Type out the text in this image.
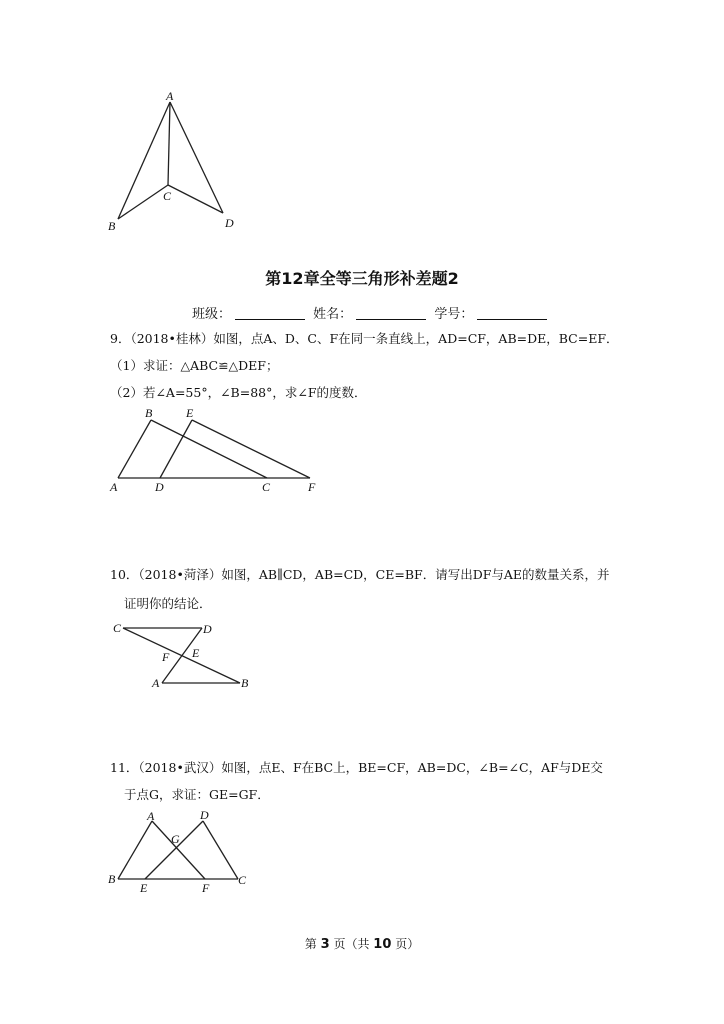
A
B
C
D
第12章全等三角形补差题2
班级：	姓名：	学号：
9．（2018•桂林）如图，点A、D、C、F在同一条直线上，AD=CF，AB=DE，BC=EF．
（1）求证：△ABC≌△DEF；
（2）若∠A=55°，∠B=88°，求∠F的度数．
B	E
A	D	C	F
10．（2018•菏泽）如图，AB∥CD，AB=CD，CE=BF．请写出DF与AE的数量关系，并
证明你的结论．
C	D
F E
A	B
11．（2018•武汉）如图，点E、F在BC上，BE=CF，AB=DC，∠B=∠C，AF与DE交
于点G，求证：GE=GF．
A	D
G
B
E	F
C
第 3 页（共 10 页）
